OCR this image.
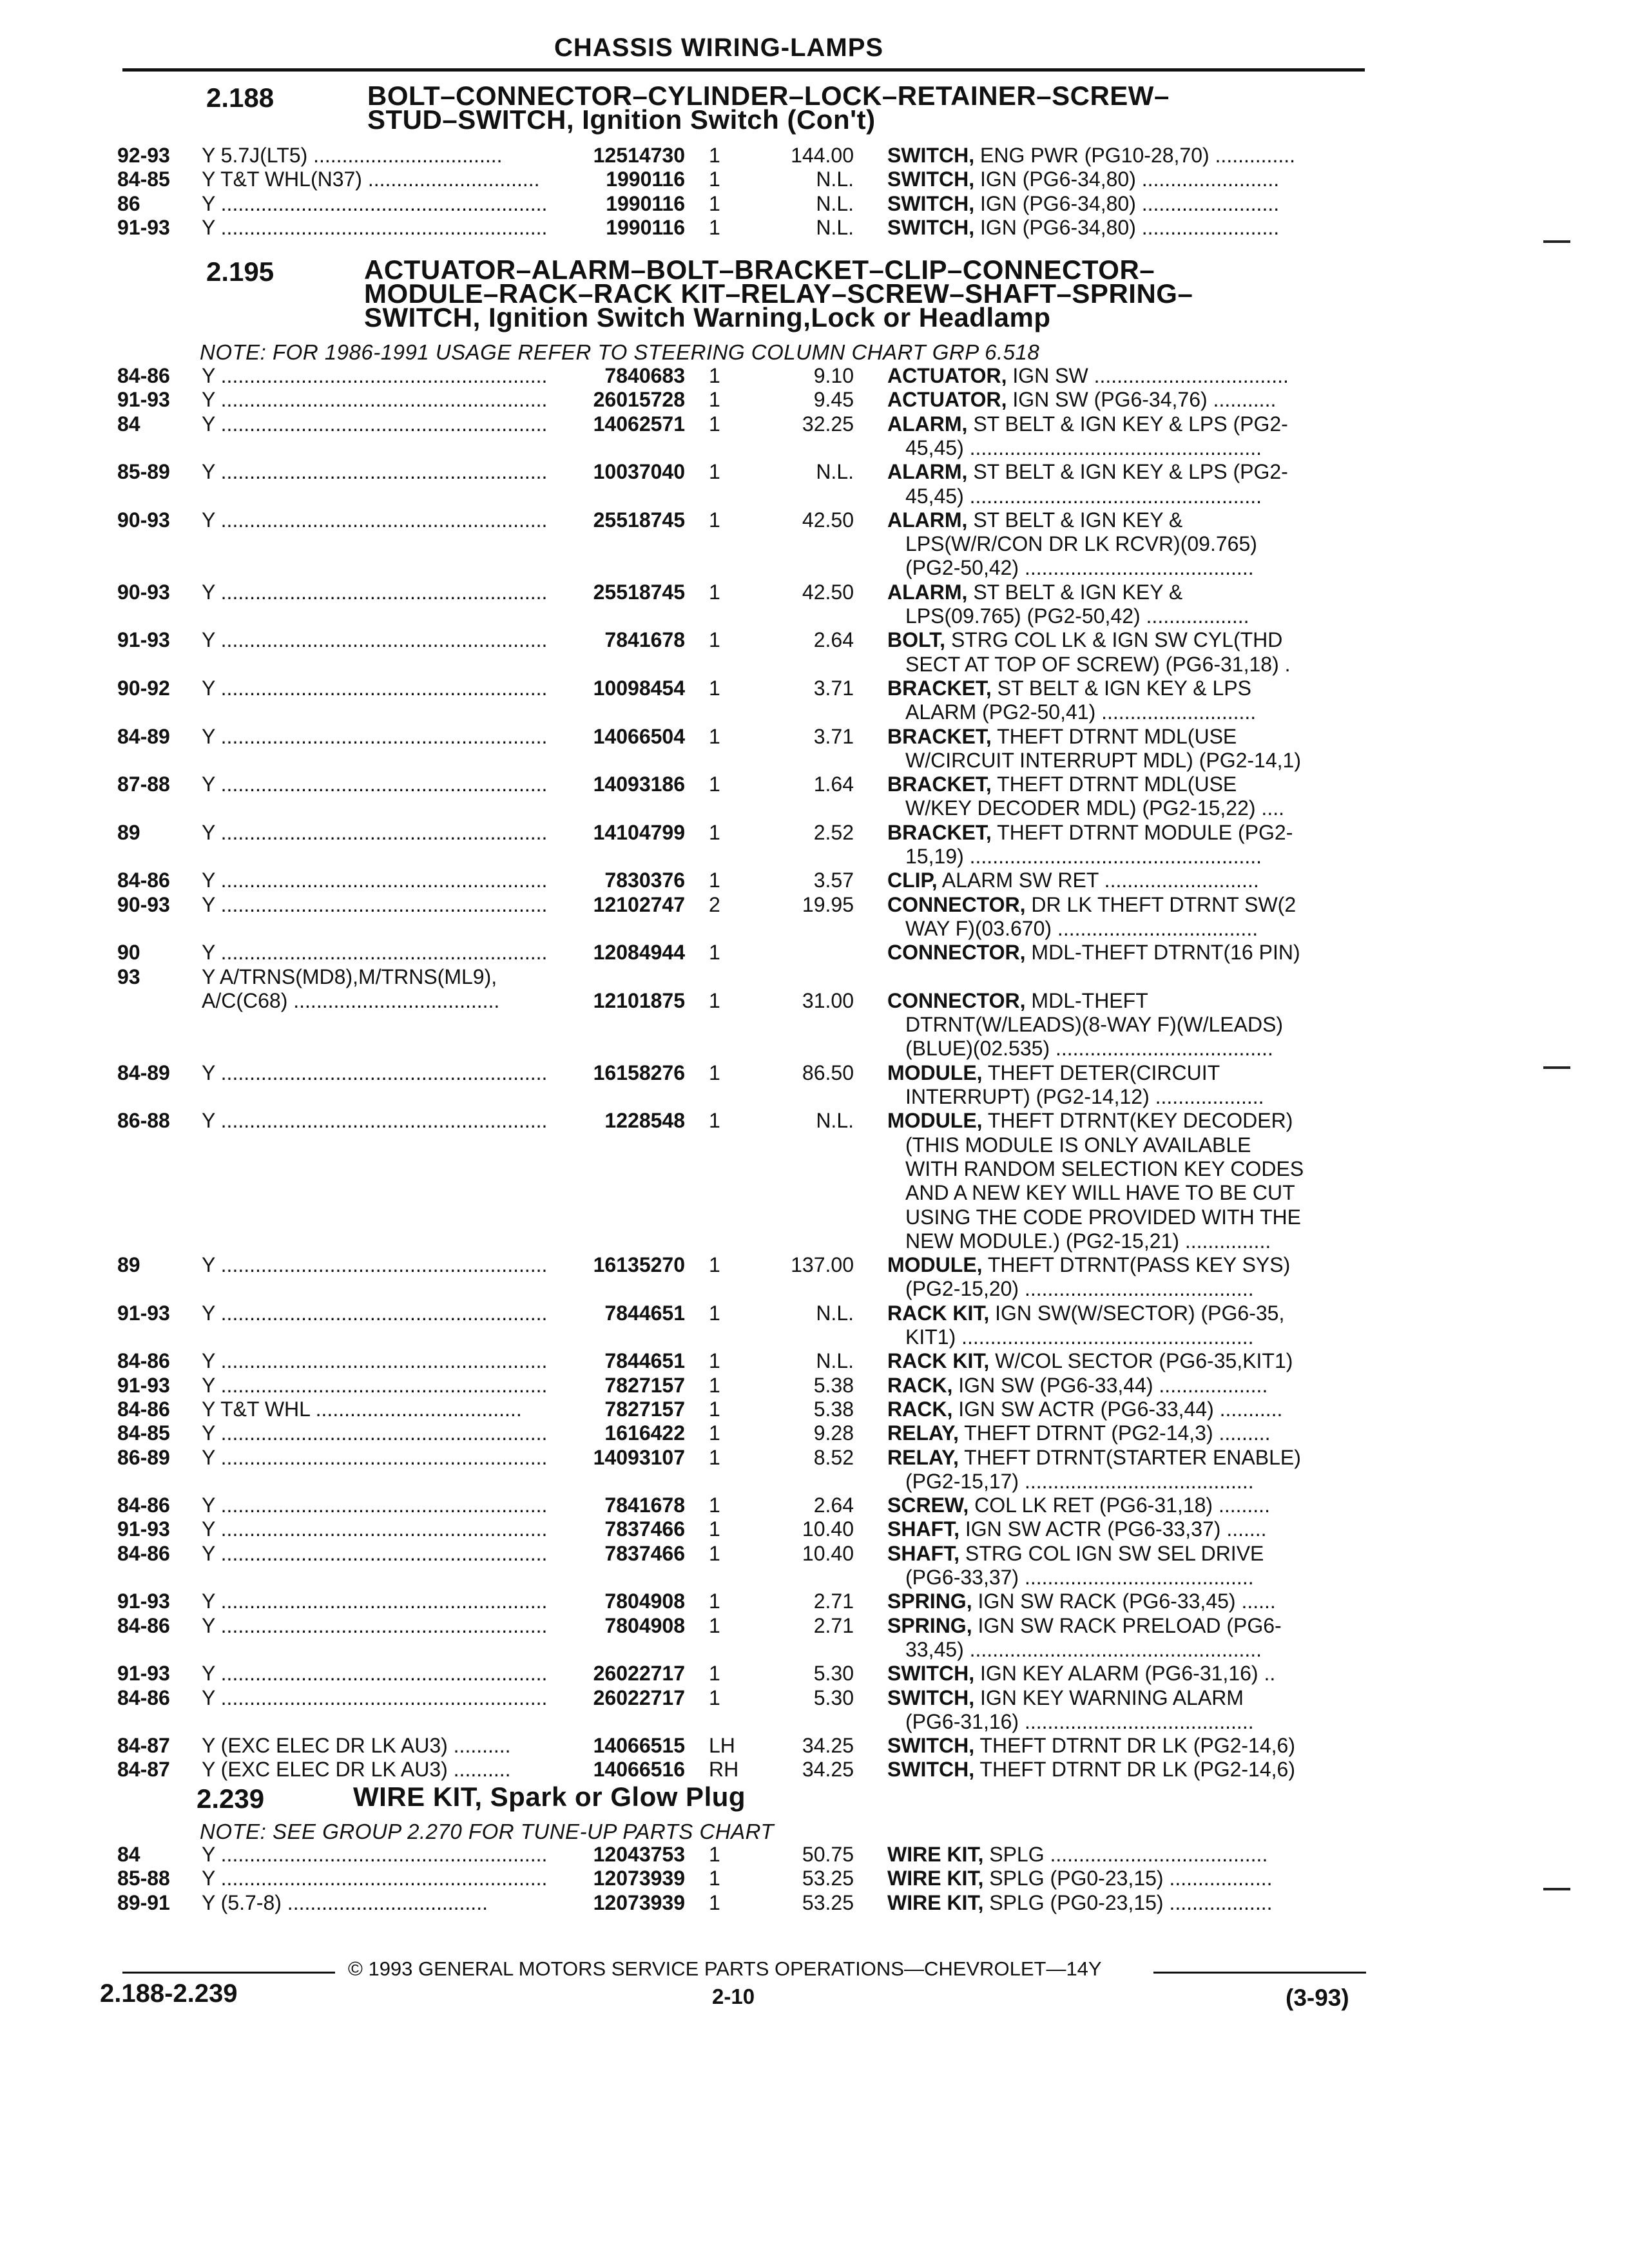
CHASSIS WIRING-LAMPS
2.188	BOLT–CONNECTOR–CYLINDER–LOCK–RETAINER–SCREW–
STUD–SWITCH, Ignition Switch (Con't)
92-93 Y 5.7J(LT5) .................................	12514730 1	144.00 SWITCH, ENG PWR (PG10-28,70) ..............
84-85 Y T&T WHL(N37) ..............................	1990116 1	N.L. SWITCH, IGN (PG6-34,80) ........................
86	Y .........................................................	1990116 1	N.L. SWITCH, IGN (PG6-34,80) ........................
91-93 Y .........................................................	1990116 1	N.L. SWITCH, IGN (PG6-34,80) ........................
2.195	ACTUATOR–ALARM–BOLT–BRACKET–CLIP–CONNECTOR–
MODULE–RACK–RACK KIT–RELAY–SCREW–SHAFT–SPRING–
SWITCH, Ignition Switch Warning,Lock or Headlamp
NOTE: FOR 1986-1991 USAGE REFER TO STEERING COLUMN CHART GRP 6.518
84-86 Y .........................................................	7840683 1	9.10 ACTUATOR, IGN SW ..................................
91-93 Y .........................................................	26015728 1	9.45 ACTUATOR, IGN SW (PG6-34,76) ...........
84	Y .........................................................	14062571 1	32.25 ALARM, ST BELT & IGN KEY & LPS (PG2-
45,45) ...................................................
85-89 Y .........................................................	10037040 1	N.L. ALARM, ST BELT & IGN KEY & LPS (PG2-
45,45) ...................................................
90-93 Y .........................................................	25518745 1	42.50 ALARM, ST BELT & IGN KEY &
LPS(W/R/CON DR LK RCVR)(09.765)
(PG2-50,42) ........................................
90-93 Y .........................................................	25518745 1	42.50 ALARM, ST BELT & IGN KEY &
LPS(09.765) (PG2-50,42) ..................
91-93 Y .........................................................	7841678 1	2.64 BOLT, STRG COL LK & IGN SW CYL(THD
SECT AT TOP OF SCREW) (PG6-31,18) .
90-92 Y .........................................................	10098454 1	3.71 BRACKET, ST BELT & IGN KEY & LPS
ALARM (PG2-50,41) ...........................
84-89 Y .........................................................	14066504 1	3.71 BRACKET, THEFT DTRNT MDL(USE
W/CIRCUIT INTERRUPT MDL) (PG2-14,1)
87-88 Y .........................................................	14093186 1	1.64 BRACKET, THEFT DTRNT MDL(USE
W/KEY DECODER MDL) (PG2-15,22) ....
89	Y .........................................................	14104799 1	2.52 BRACKET, THEFT DTRNT MODULE (PG2-
15,19) ...................................................
84-86 Y .........................................................	7830376 1	3.57 CLIP, ALARM SW RET ...........................
90-93 Y .........................................................	12102747 2	19.95 CONNECTOR, DR LK THEFT DTRNT SW(2
WAY F)(03.670) ...................................
90	Y .........................................................	12084944 1	CONNECTOR, MDL-THEFT DTRNT(16 PIN)
93	Y A/TRNS(MD8),M/TRNS(ML9),
A/C(C68) ....................................	12101875 1	31.00 CONNECTOR, MDL-THEFT
DTRNT(W/LEADS)(8-WAY F)(W/LEADS)
(BLUE)(02.535) ......................................
84-89 Y .........................................................	16158276 1	86.50 MODULE, THEFT DETER(CIRCUIT
INTERRUPT) (PG2-14,12) ...................
86-88 Y .........................................................	1228548 1	N.L. MODULE, THEFT DTRNT(KEY DECODER)
(THIS MODULE IS ONLY AVAILABLE
WITH RANDOM SELECTION KEY CODES
AND A NEW KEY WILL HAVE TO BE CUT
USING THE CODE PROVIDED WITH THE
NEW MODULE.) (PG2-15,21) ...............
89	Y .........................................................	16135270 1	137.00 MODULE, THEFT DTRNT(PASS KEY SYS)
(PG2-15,20) ........................................
91-93 Y .........................................................	7844651 1	N.L. RACK KIT, IGN SW(W/SECTOR) (PG6-35,
KIT1) ...................................................
84-86 Y .........................................................	7844651 1	N.L. RACK KIT, W/COL SECTOR (PG6-35,KIT1)
91-93 Y .........................................................	7827157 1	5.38 RACK, IGN SW (PG6-33,44) ...................
84-86 Y T&T WHL ....................................	7827157 1	5.38 RACK, IGN SW ACTR (PG6-33,44) ...........
84-85 Y .........................................................	1616422 1	9.28 RELAY, THEFT DTRNT (PG2-14,3) .........
86-89 Y .........................................................	14093107 1	8.52 RELAY, THEFT DTRNT(STARTER ENABLE)
(PG2-15,17) ........................................
84-86 Y .........................................................	7841678 1	2.64 SCREW, COL LK RET (PG6-31,18) .........
91-93 Y .........................................................	7837466 1	10.40 SHAFT, IGN SW ACTR (PG6-33,37) .......
84-86 Y .........................................................	7837466 1	10.40 SHAFT, STRG COL IGN SW SEL DRIVE
(PG6-33,37) ........................................
91-93 Y .........................................................	7804908 1	2.71 SPRING, IGN SW RACK (PG6-33,45) ......
84-86 Y .........................................................	7804908 1	2.71 SPRING, IGN SW RACK PRELOAD (PG6-
33,45) ...................................................
91-93 Y .........................................................	26022717 1	5.30 SWITCH, IGN KEY ALARM (PG6-31,16) ..
84-86 Y .........................................................	26022717 1	5.30 SWITCH, IGN KEY WARNING ALARM
(PG6-31,16) ........................................
84-87 Y (EXC ELEC DR LK AU3) ..........	14066515 LH	34.25 SWITCH, THEFT DTRNT DR LK (PG2-14,6)
84-87 Y (EXC ELEC DR LK AU3) ..........	14066516 RH	34.25 SWITCH, THEFT DTRNT DR LK (PG2-14,6)
2.239	WIRE KIT, Spark or Glow Plug
NOTE: SEE GROUP 2.270 FOR TUNE-UP PARTS CHART
84	Y .........................................................	12043753 1	50.75 WIRE KIT, SPLG ......................................
85-88 Y .........................................................	12073939 1	53.25 WIRE KIT, SPLG (PG0-23,15) ..................
89-91 Y (5.7-8) ...................................	12073939 1	53.25 WIRE KIT, SPLG (PG0-23,15) ..................
© 1993 GENERAL MOTORS SERVICE PARTS OPERATIONS—CHEVROLET—14Y
2.188-2.239	2-10	(3-93)
